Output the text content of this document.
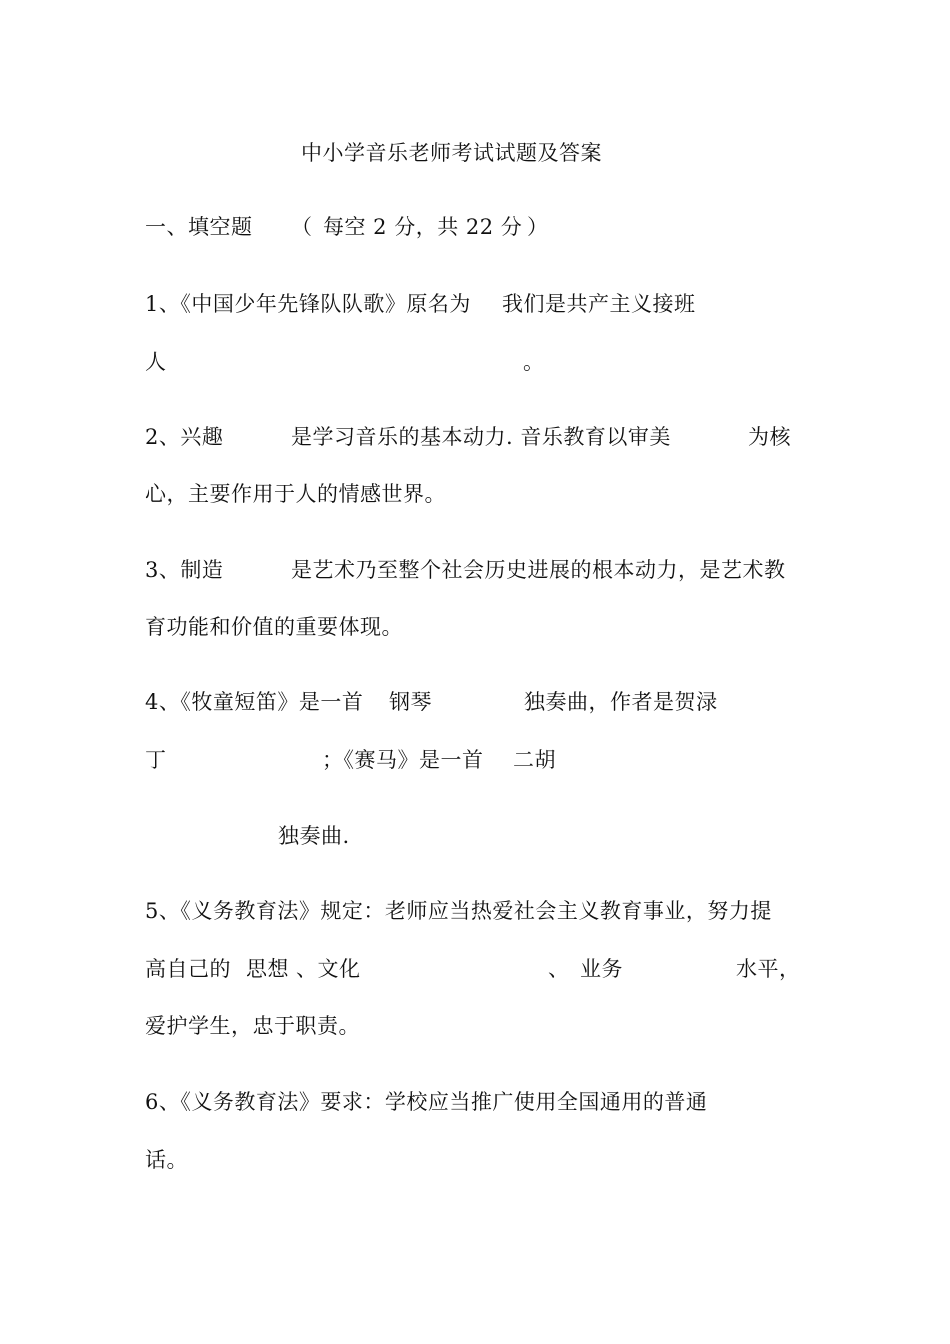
中小学音乐老师考试试题及答案
一、填空题 （ 每空 2 分，共 22 分 ）
1、《中国少年先锋队队歌》原名为 我们是共产主义接班
人	。
2、兴趣	是学习音乐的基本动力. 音乐教育以审美	为核
心，主要作用于人的情感世界。
3、制造	是艺术乃至整个社会历史进展的根本动力，是艺术教
育功能和价值的重要体现。
4、《牧童短笛》是一首 钢琴	独奏曲，作者是贺渌
丁	；《赛马》是一首 二胡
独奏曲.
5、《义务教育法》规定：老师应当热爱社会主义教育事业，努力提
高自己的 思想 、文化	、 业务	水平，
爱护学生，忠于职责。
6、《义务教育法》要求：学校应当推广使用全国通用的普通
话。
